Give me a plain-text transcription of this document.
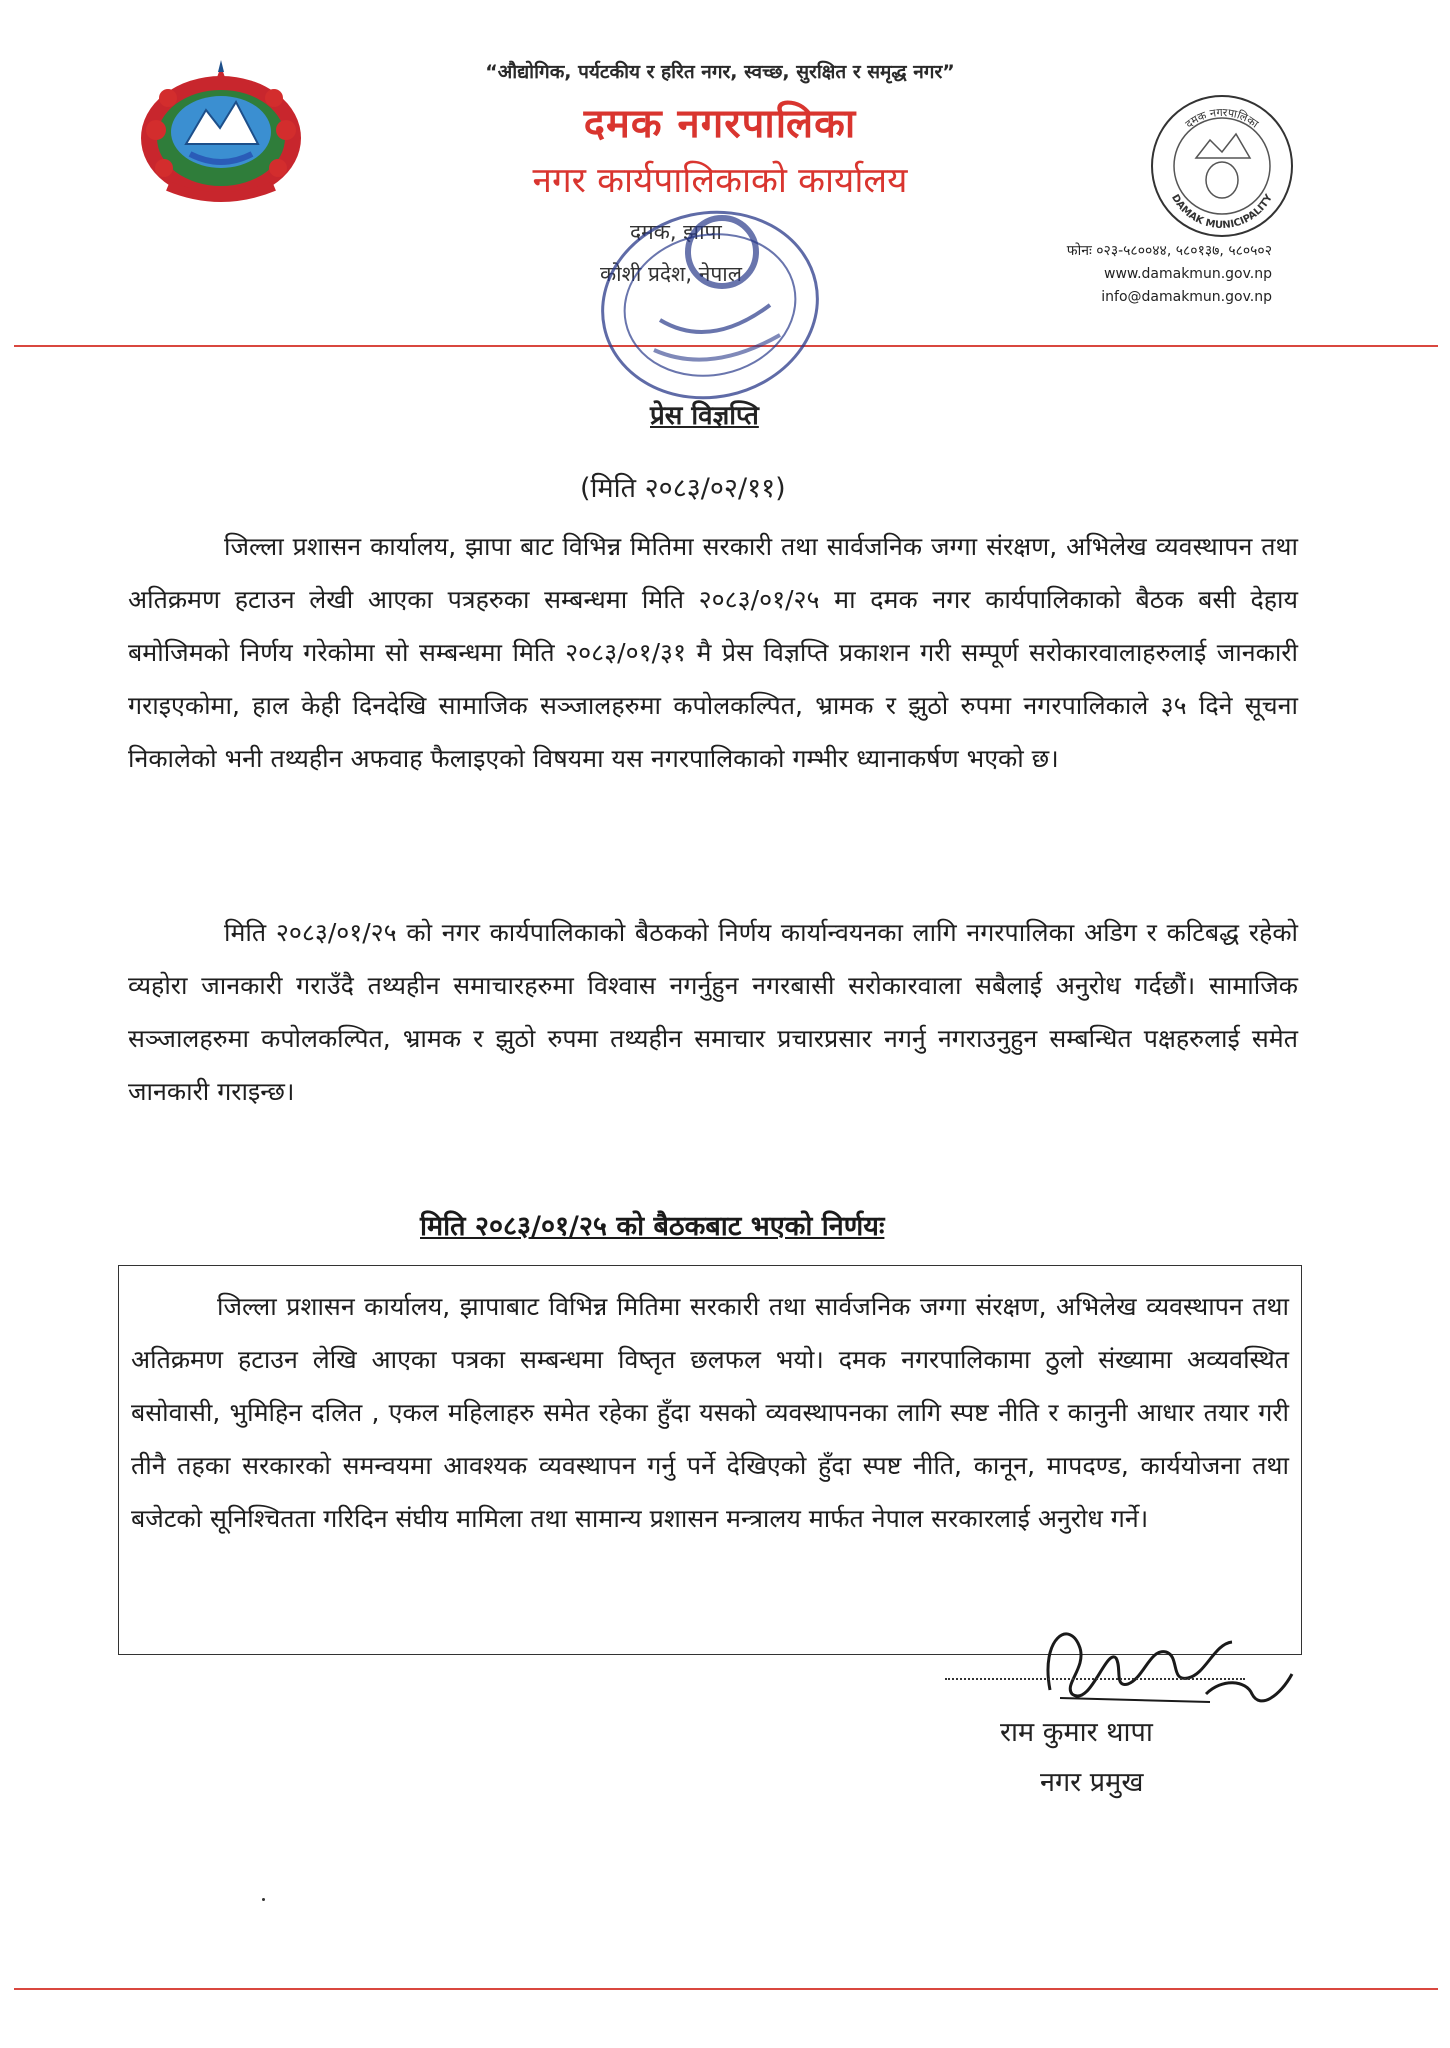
“औद्योगिक, पर्यटकीय र हरित नगर, स्वच्छ, सुरक्षित र समृद्ध नगर”
दमक नगरपालिका
नगर कार्यपालिकाको कार्यालय
दमक, झापा
कोशी प्रदेश, नेपाल
दमक नगरपालिका
DAMAK MUNICIPALITY
फोनः ०२३-५८००४४, ५८०१३७, ५८०५०२
www.damakmun.gov.np
info@damakmun.gov.np
प्रेस विज्ञप्ति
(मिति २०८३/०२/११)
जिल्ला प्रशासन कार्यालय, झापा बाट विभिन्न मितिमा सरकारी तथा सार्वजनिक जग्गा संरक्षण, अभिलेख व्यवस्थापन तथा अतिक्रमण हटाउन लेखी आएका पत्रहरुका सम्बन्धमा मिति २०८३/०१/२५ मा दमक नगर कार्यपालिकाको बैठक बसी देहाय बमोजिमको निर्णय गरेकोमा सो सम्बन्धमा मिति २०८३/०१/३१ मै प्रेस विज्ञप्ति प्रकाशन गरी सम्पूर्ण सरोकारवालाहरुलाई जानकारी गराइएकोमा, हाल केही दिनदेखि सामाजिक सञ्जालहरुमा कपोलकल्पित, भ्रामक र झुठो रुपमा नगरपालिकाले ३५ दिने सूचना निकालेको भनी तथ्यहीन अफवाह फैलाइएको विषयमा यस नगरपालिकाको गम्भीर ध्यानाकर्षण भएको छ।
मिति २०८३/०१/२५ को नगर कार्यपालिकाको बैठकको निर्णय कार्यान्वयनका लागि नगरपालिका अडिग र कटिबद्ध रहेको व्यहोरा जानकारी गराउँदै तथ्यहीन समाचारहरुमा विश्वास नगर्नुहुन नगरबासी सरोकारवाला सबैलाई अनुरोध गर्दछौं। सामाजिक सञ्जालहरुमा कपोलकल्पित, भ्रामक र झुठो रुपमा तथ्यहीन समाचार प्रचारप्रसार नगर्नु नगराउनुहुन सम्बन्धित पक्षहरुलाई समेत जानकारी गराइन्छ।
मिति २०८३/०१/२५ को बैठकबाट भएको निर्णयः
जिल्ला प्रशासन कार्यालय, झापाबाट विभिन्न मितिमा सरकारी तथा सार्वजनिक जग्गा संरक्षण, अभिलेख व्यवस्थापन तथा अतिक्रमण हटाउन लेखि आएका पत्रका सम्बन्धमा विष्तृत छलफल भयो। दमक नगरपालिकामा ठुलो संख्यामा अव्यवस्थित बसोवासी, भुमिहिन दलित , एकल महिलाहरु समेत रहेका हुँदा यसको व्यवस्थापनका लागि स्पष्ट नीति र कानुनी आधार तयार गरी तीनै तहका सरकारको समन्वयमा आवश्यक व्यवस्थापन गर्नु पर्ने देखिएको हुँदा स्पष्ट नीति, कानून, मापदण्ड, कार्ययोजना तथा बजेटको सूनिश्चितता गरिदिन संघीय मामिला तथा सामान्य प्रशासन मन्त्रालय मार्फत नेपाल सरकारलाई अनुरोध गर्ने।
राम कुमार थापा
नगर प्रमुख
